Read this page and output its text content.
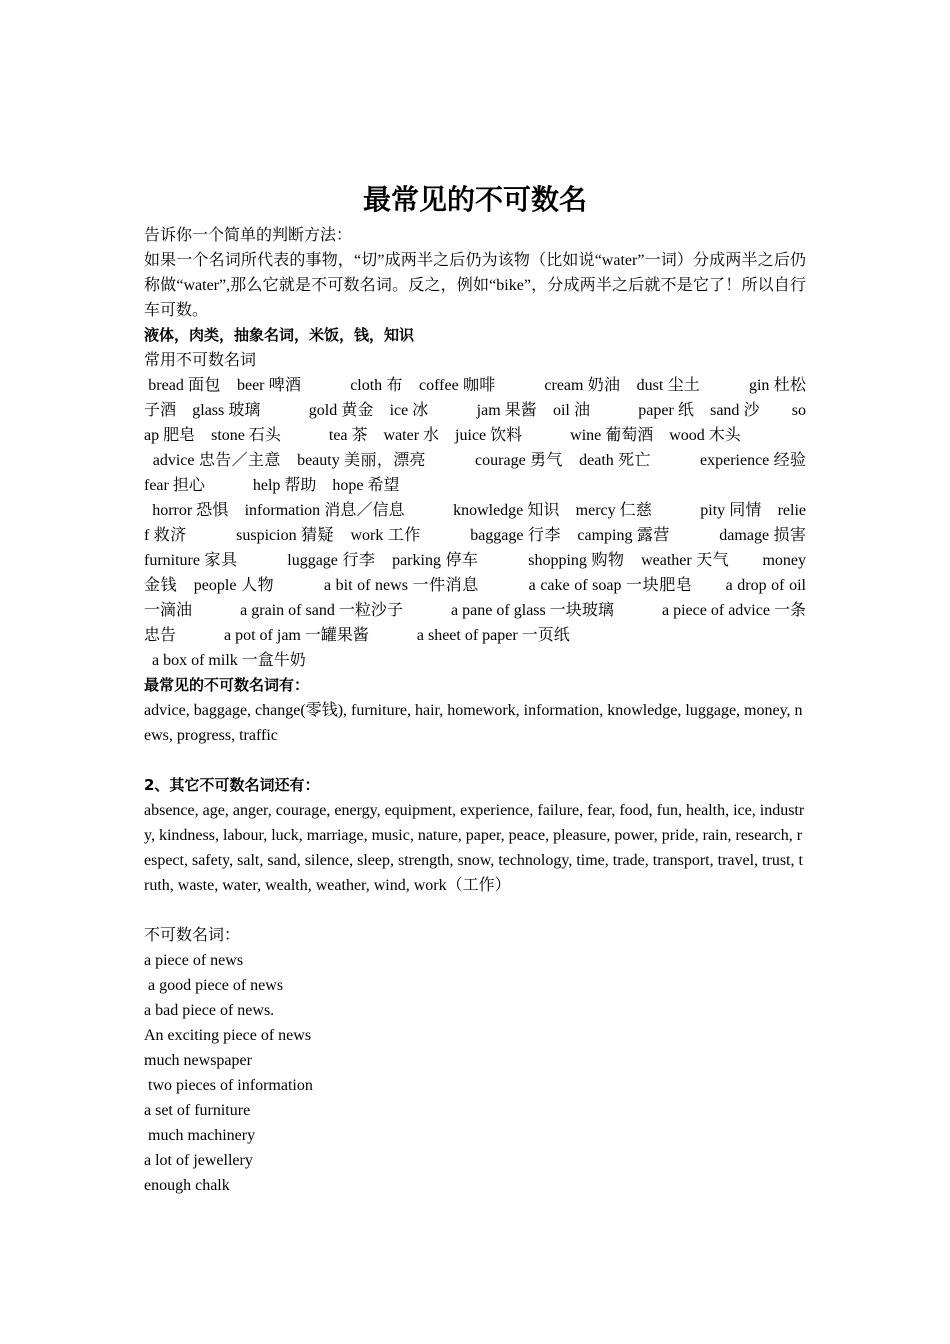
最常见的不可数名

告诉你一个简单的判断方法：

如果一个名词所代表的事物，“切”成两半之后仍为该物（比如说“water”一词）分成两半之后仍称做“water”,那么它就是不可数名词。反之，例如“bike”，分成两半之后就不是它了！所以自行车可数。

液体，肉类，抽象名词，米饭，钱，知识

常用不可数名词

bread 面包　beer 啤酒　　　cloth 布　coffee 咖啡　　　cream 奶油　dust 尘土　　　gin 杜松子酒　glass 玻璃　　　gold 黄金　ice 冰　　　jam 果酱　oil 油　　　paper 纸　sand 沙　　soap 肥皂　stone 石头　　　tea 茶　water 水　juice 饮料　　　wine 葡萄酒　wood 木头

advice 忠告／主意　beauty 美丽，漂亮　　　courage 勇气　death 死亡　　　experience 经验　fear 担心　　　help 帮助　hope 希望

horror 恐惧　information 消息／信息　　　knowledge 知识　mercy 仁慈　　　pity 同情　relief 救济　　　suspicion 猜疑　work 工作　　　baggage 行李　camping 露营　　　damage 损害　furniture 家具　　　luggage 行李　parking 停车　　　shopping 购物　weather 天气　　money 金钱　people 人物　　　a bit of news 一件消息　　　a cake of soap 一块肥皂　　a drop of oil 一滴油　　　a grain of sand 一粒沙子　　　a pane of glass 一块玻璃　　　a piece of advice 一条忠告　　　a pot of jam 一罐果酱　　　a sheet of paper 一页纸

a box of milk 一盒牛奶

最常见的不可数名词有：

advice, baggage, change(零钱), furniture, hair, homework, information, knowledge, luggage, money, news, progress, traffic

2、其它不可数名词还有：

absence, age, anger, courage, energy, equipment, experience, failure, fear, food, fun, health, ice, industry, kindness, labour, luck, marriage, music, nature, paper, peace, pleasure, power, pride, rain, research, respect, safety, salt, sand, silence, sleep, strength, snow, technology, time, trade, transport, travel, trust, truth, waste, water, wealth, weather, wind, work（工作）

不可数名词：

a piece of news

a good piece of news

a bad piece of news.

An exciting piece of news

much newspaper

two pieces of information

a set of furniture

much machinery

a lot of jewellery

enough chalk
